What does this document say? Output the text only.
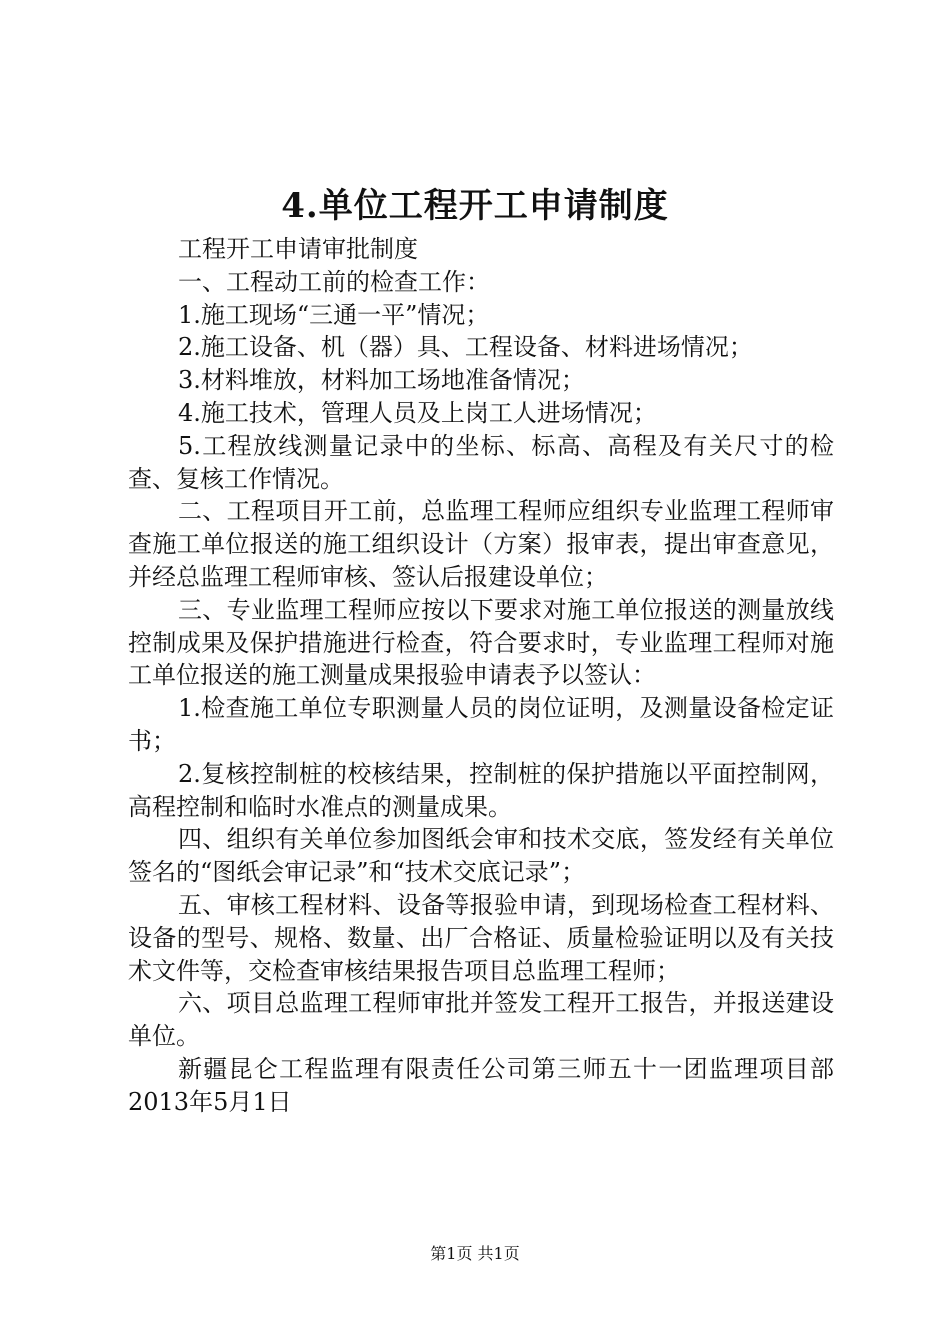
4.单位工程开工申请制度

工程开工申请审批制度

一、工程动工前的检查工作：

1.施工现场“三通一平”情况；

2.施工设备、机（器）具、工程设备、材料进场情况；

3.材料堆放，材料加工场地准备情况；

4.施工技术，管理人员及上岗工人进场情况；

5.工程放线测量记录中的坐标、标高、高程及有关尺寸的检查、复核工作情况。

二、工程项目开工前，总监理工程师应组织专业监理工程师审查施工单位报送的施工组织设计（方案）报审表，提出审查意见，并经总监理工程师审核、签认后报建设单位；

三、专业监理工程师应按以下要求对施工单位报送的测量放线控制成果及保护措施进行检查，符合要求时，专业监理工程师对施工单位报送的施工测量成果报验申请表予以签认：

1.检查施工单位专职测量人员的岗位证明，及测量设备检定证书；

2.复核控制桩的校核结果，控制桩的保护措施以平面控制网，高程控制和临时水准点的测量成果。

四、组织有关单位参加图纸会审和技术交底，签发经有关单位签名的“图纸会审记录”和“技术交底记录”；

五、审核工程材料、设备等报验申请，到现场检查工程材料、设备的型号、规格、数量、出厂合格证、质量检验证明以及有关技术文件等，交检查审核结果报告项目总监理工程师；

六、项目总监理工程师审批并签发工程开工报告，并报送建设单位。

新疆昆仑工程监理有限责任公司第三师五十一团监理项目部2013年5月1日

第1页 共1页
